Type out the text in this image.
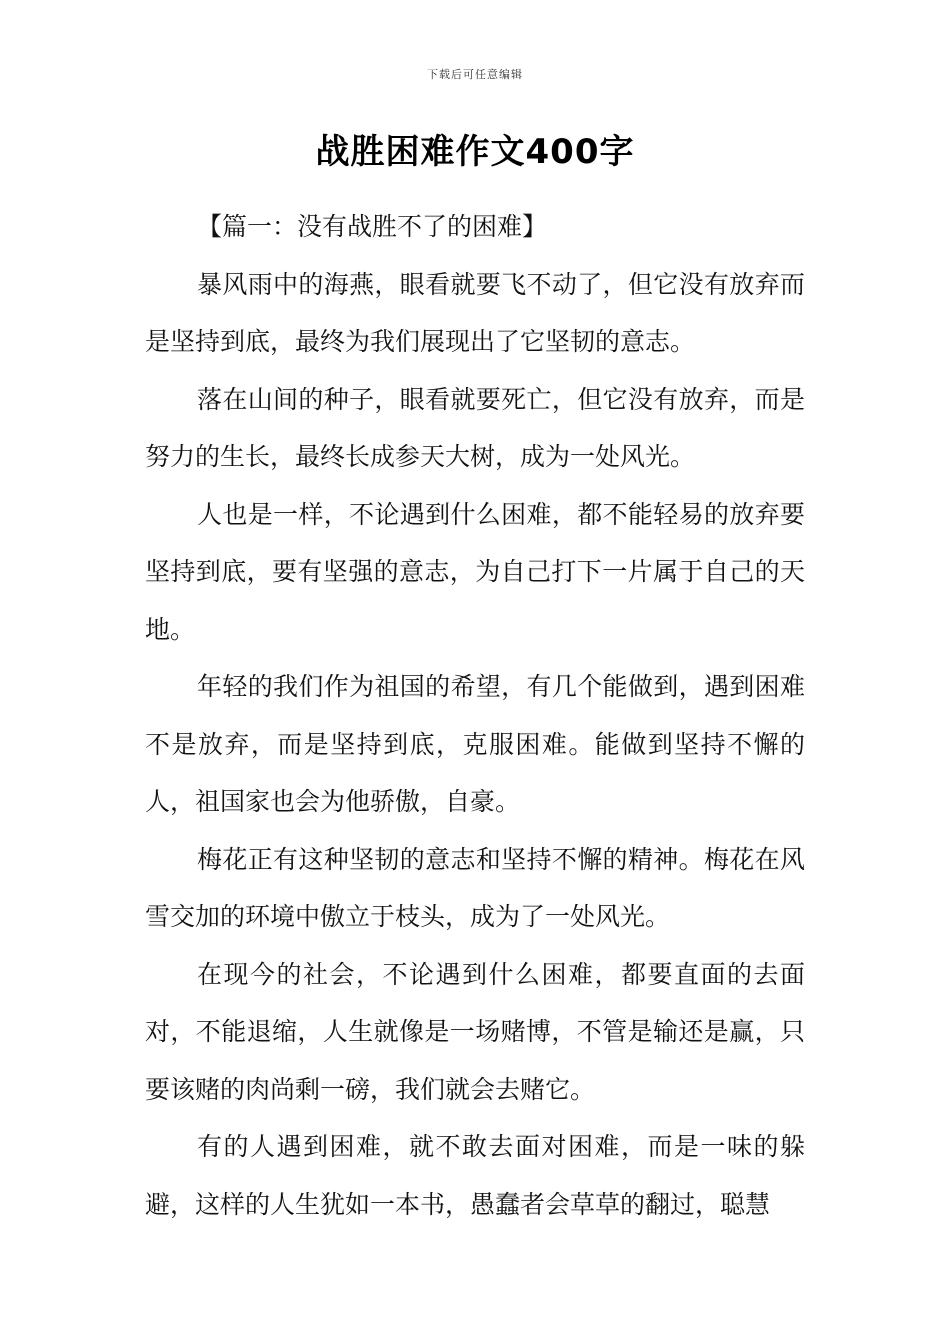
下载后可任意编辑
战胜困难作文400字

【篇一：没有战胜不了的困难】

暴风雨中的海燕，眼看就要飞不动了，但它没有放弃而是坚持到底，最终为我们展现出了它坚韧的意志。

落在山间的种子，眼看就要死亡，但它没有放弃，而是努力的生长，最终长成参天大树，成为一处风光。

人也是一样，不论遇到什么困难，都不能轻易的放弃要坚持到底，要有坚强的意志，为自己打下一片属于自己的天地。

年轻的我们作为祖国的希望，有几个能做到，遇到困难不是放弃，而是坚持到底，克服困难。能做到坚持不懈的人，祖国家也会为他骄傲，自豪。

梅花正有这种坚韧的意志和坚持不懈的精神。梅花在风雪交加的环境中傲立于枝头，成为了一处风光。

在现今的社会，不论遇到什么困难，都要直面的去面对，不能退缩，人生就像是一场赌博，不管是输还是赢，只要该赌的肉尚剩一磅，我们就会去赌它。

有的人遇到困难，就不敢去面对困难，而是一味的躲避，这样的人生犹如一本书，愚蠢者会草草的翻过，聪慧
